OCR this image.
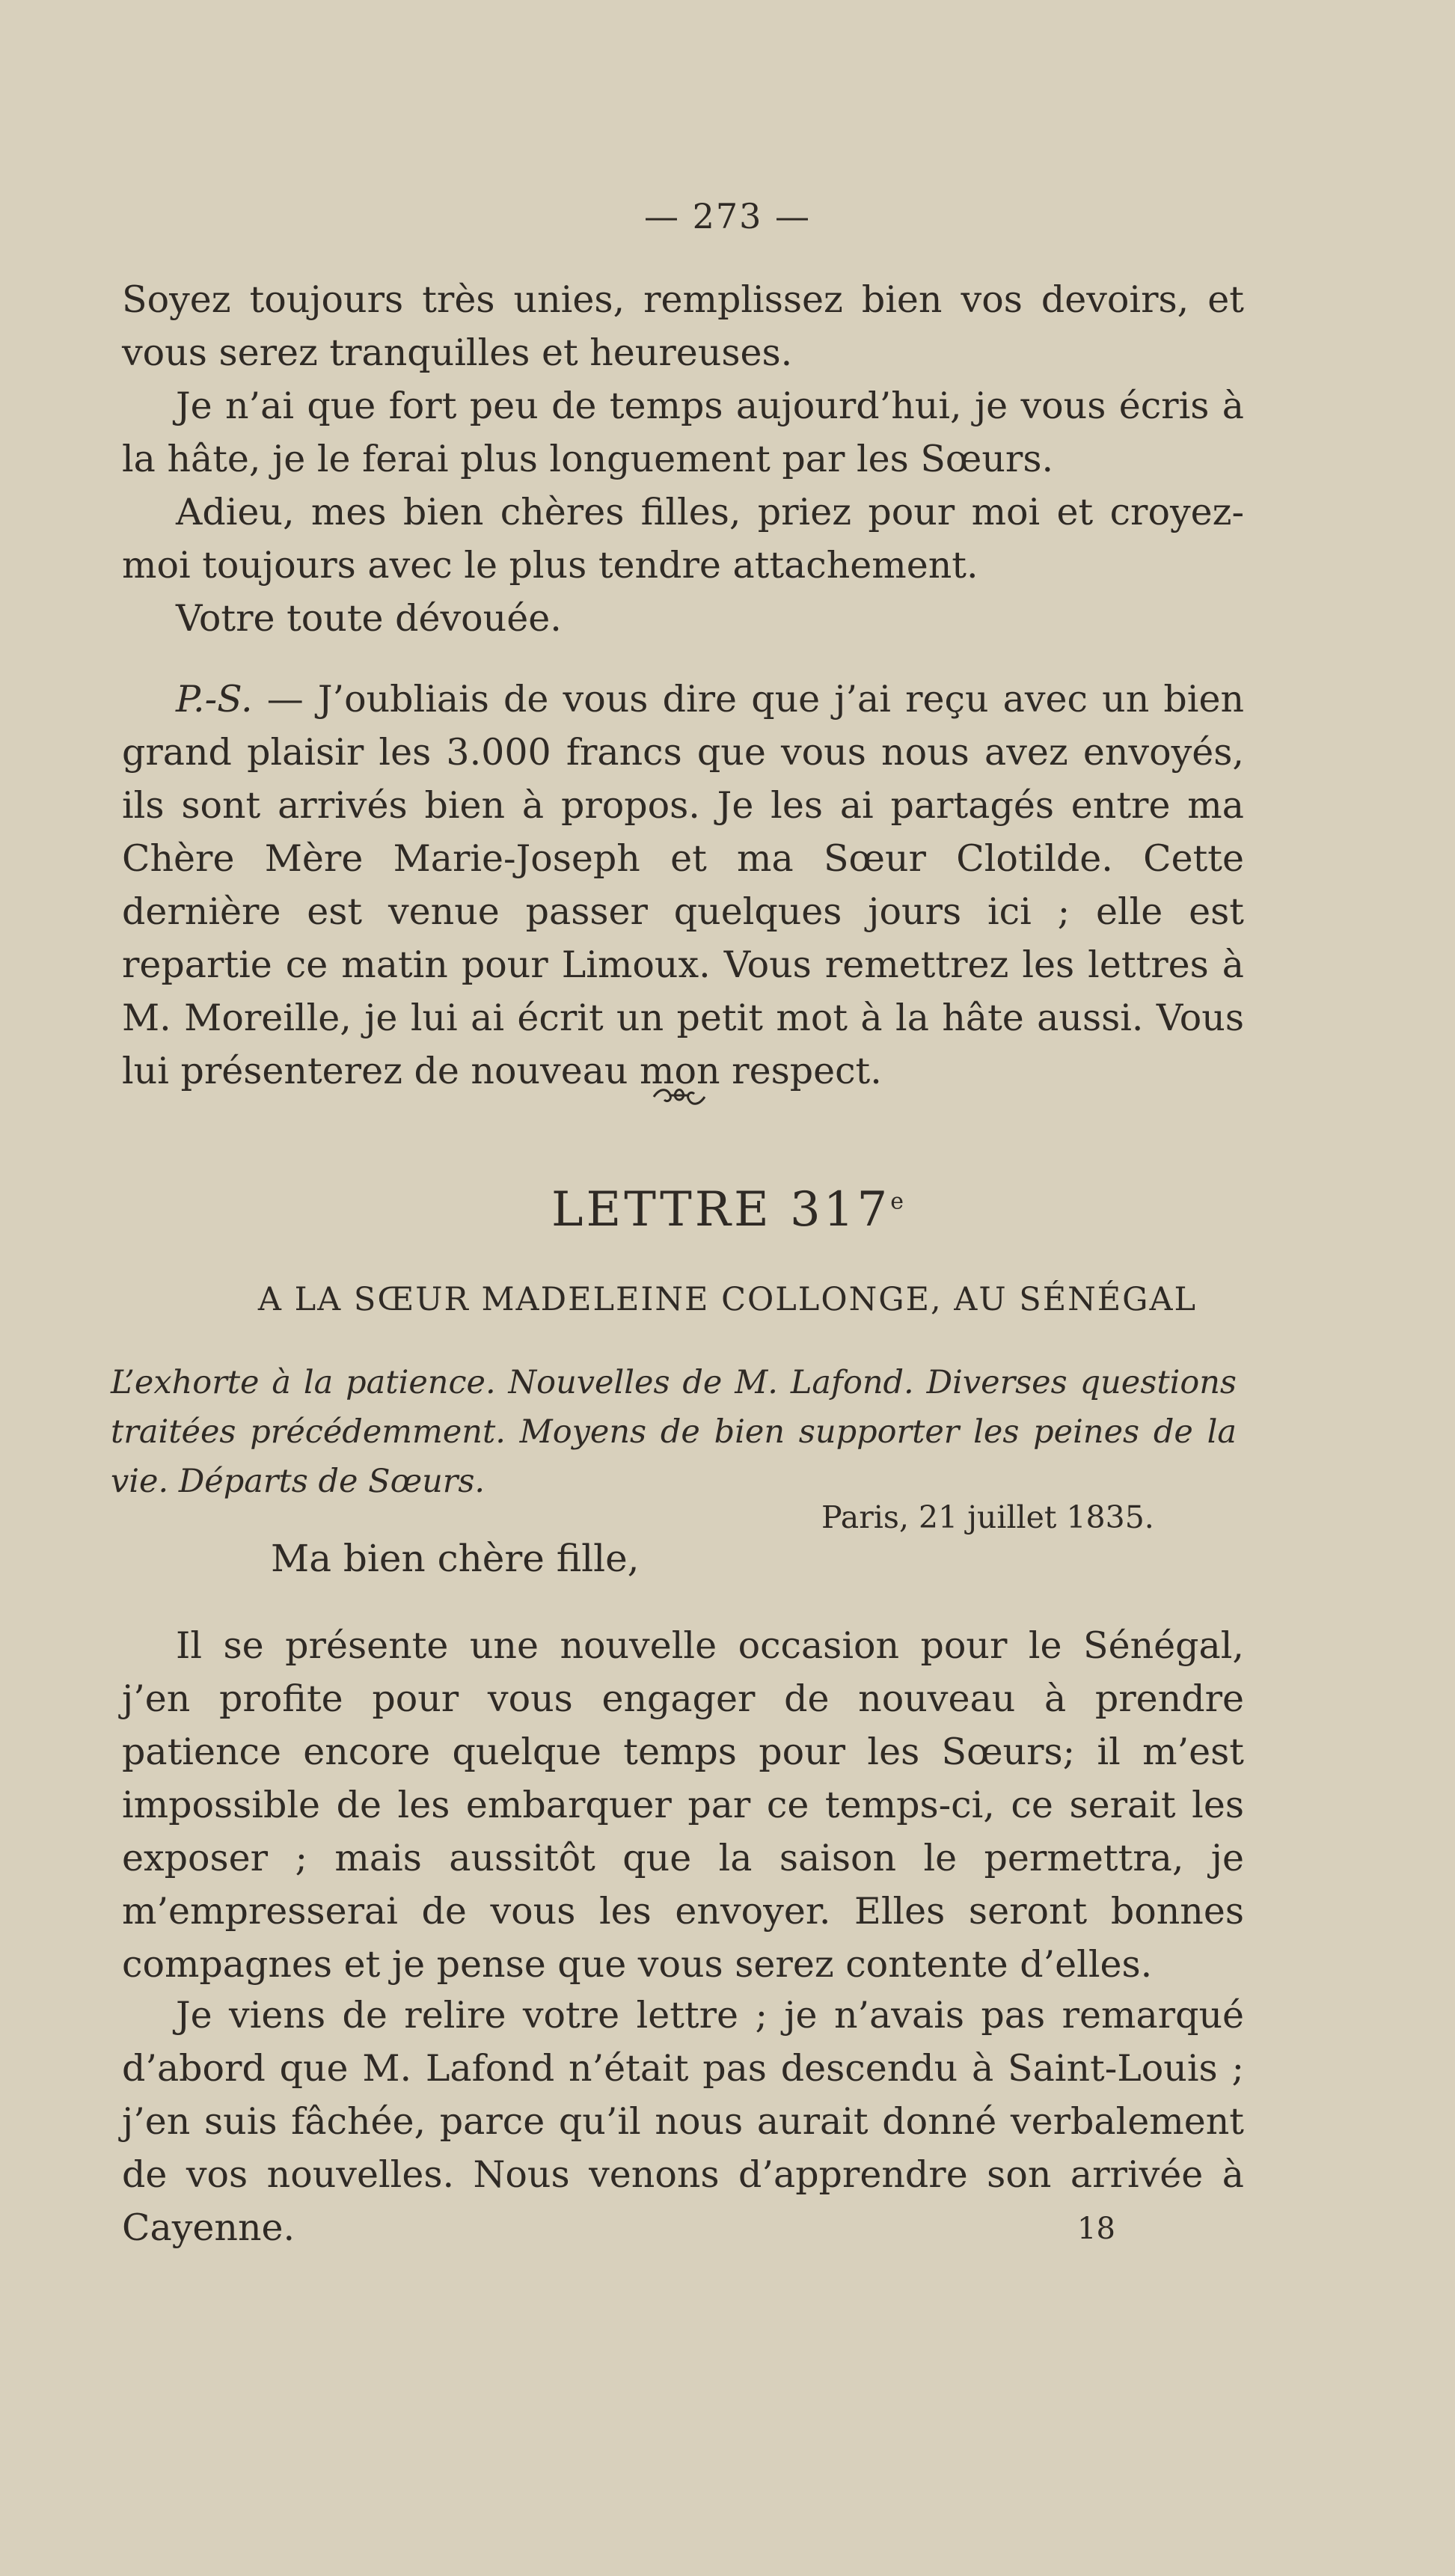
— 273 —

Soyez toujours très unies, remplissez bien vos devoirs, et vous serez tranquilles et heureuses.

Je n’ai que fort peu de temps aujourd’hui, je vous écris à la hâte, je le ferai plus longuement par les Sœurs.

Adieu, mes bien chères filles, priez pour moi et croyez-moi toujours avec le plus tendre attachement.

Votre toute dévouée.

P.-S. — J’oubliais de vous dire que j’ai reçu avec un bien grand plaisir les 3.000 francs que vous nous avez envoyés, ils sont arrivés bien à propos. Je les ai partagés entre ma Chère Mère Marie-Joseph et ma Sœur Clotilde. Cette dernière est venue passer quelques jours ici ; elle est repartie ce matin pour Limoux. Vous remettrez les lettres à M. Moreille, je lui ai écrit un petit mot à la hâte aussi. Vous lui présenterez de nouveau mon respect.

LETTRE 317e
A LA SŒUR MADELEINE COLLONGE, AU SÉNÉGAL

L’exhorte à la patience. Nouvelles de M. Lafond. Diverses questions traitées précédemment. Moyens de bien supporter les peines de la vie. Départs de Sœurs.

Paris, 21 juillet 1835.
Ma bien chère fille,

Il se présente une nouvelle occasion pour le Sénégal, j’en profite pour vous engager de nouveau à prendre patience encore quelque temps pour les Sœurs; il m’est impossible de les embarquer par ce temps-ci, ce serait les exposer ; mais aussitôt que la saison le permettra, je m’empresserai de vous les envoyer. Elles seront bonnes compagnes et je pense que vous serez contente d’elles.

Je viens de relire votre lettre ; je n’avais pas remarqué d’abord que M. Lafond n’était pas descendu à Saint-Louis ; j’en suis fâchée, parce qu’il nous aurait donné verbalement de vos nouvelles. Nous venons d’apprendre son arrivée à Cayenne.	18
